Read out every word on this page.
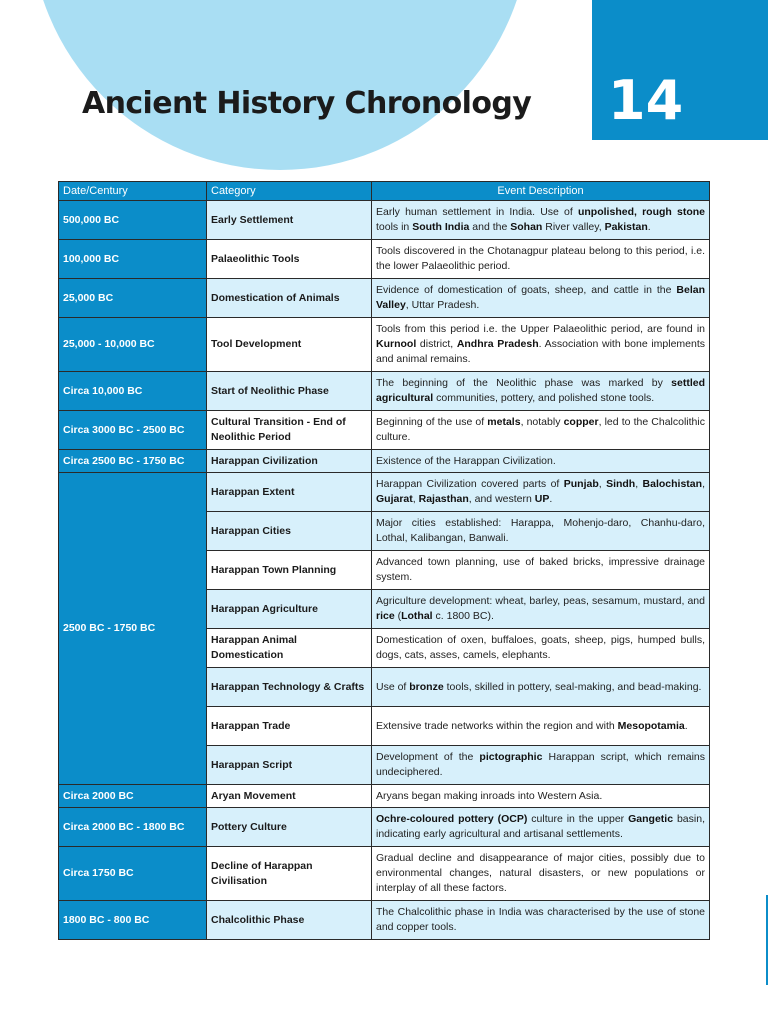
Ancient History Chronology 14
Date/Century	Category	Event Description
500,000 BC	Early Settlement	Early human settlement in India. Use of unpolished, rough stone tools in South India and the Sohan River valley, Pakistan.
100,000 BC	Palaeolithic Tools	Tools discovered in the Chotanagpur plateau belong to this period, i.e. the lower Palaeolithic period.
25,000 BC	Domestication of Animals	Evidence of domestication of goats, sheep, and cattle in the Belan Valley, Uttar Pradesh.
25,000 - 10,000 BC	Tool Development	Tools from this period i.e. the Upper Palaeolithic period, are found in Kurnool district, Andhra Pradesh. Association with bone implements and animal remains.
Circa 10,000 BC	Start of Neolithic Phase	The beginning of the Neolithic phase was marked by settled agricultural communities, pottery, and polished stone tools.
Circa 3000 BC - 2500 BC	Cultural Transition - End of Neolithic Period	Beginning of the use of metals, notably copper, led to the Chalcolithic culture.
Circa 2500 BC - 1750 BC	Harappan Civilization	Existence of the Harappan Civilization.
2500 BC - 1750 BC	Harappan Extent	Harappan Civilization covered parts of Punjab, Sindh, Balochistan, Gujarat, Rajasthan, and western UP.
	Harappan Cities	Major cities established: Harappa, Mohenjo-daro, Chanhu-daro, Lothal, Kalibangan, Banwali.
	Harappan Town Planning	Advanced town planning, use of baked bricks, impressive drainage system.
	Harappan Agriculture	Agriculture development: wheat, barley, peas, sesamum, mustard, and rice (Lothal c. 1800 BC).
	Harappan Animal Domestication	Domestication of oxen, buffaloes, goats, sheep, pigs, humped bulls, dogs, cats, asses, camels, elephants.
	Harappan Technology & Crafts	Use of bronze tools, skilled in pottery, seal-making, and bead-making.
	Harappan Trade	Extensive trade networks within the region and with Mesopotamia.
	Harappan Script	Development of the pictographic Harappan script, which remains undeciphered.
Circa 2000 BC	Aryan Movement	Aryans began making inroads into Western Asia.
Circa 2000 BC - 1800 BC	Pottery Culture	Ochre-coloured pottery (OCP) culture in the upper Gangetic basin, indicating early agricultural and artisanal settlements.
Circa 1750 BC	Decline of Harappan Civilisation	Gradual decline and disappearance of major cities, possibly due to environmental changes, natural disasters, or new populations or interplay of all these factors.
1800 BC - 800 BC	Chalcolithic Phase	The Chalcolithic phase in India was characterised by the use of stone and copper tools.
